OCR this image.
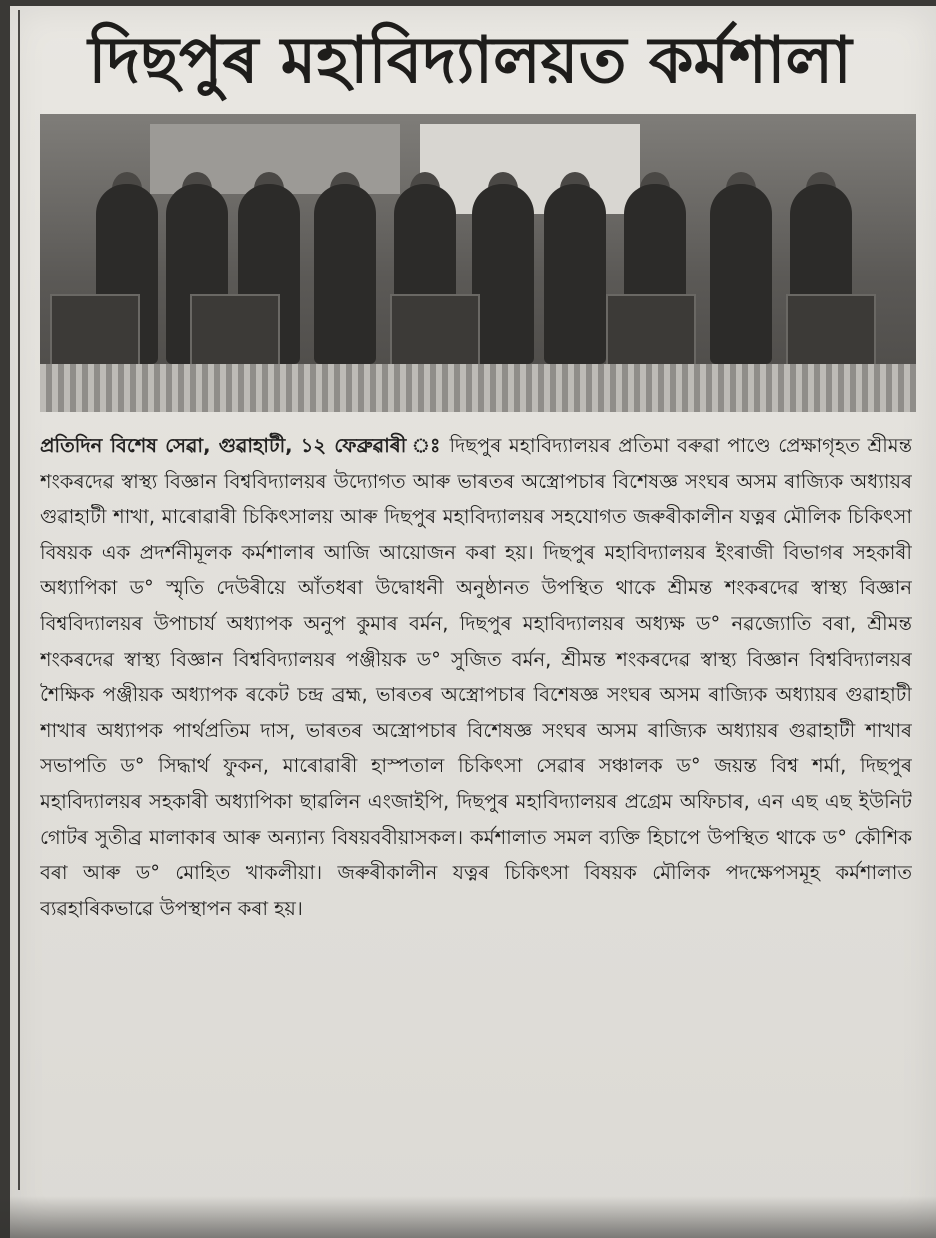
দিছপুৰ মহাবিদ্যালয়ত কৰ্মশালা
প্ৰতিদিন বিশেষ সেৱা, গুৱাহাটী, ১২ ফেব্ৰুৱাৰী ঃ দিছপুৰ মহাবিদ্যালয়ৰ প্ৰতিমা বৰুৱা পাণ্ডে প্ৰেক্ষাগৃহত শ্ৰীমন্ত শংকৰদেৱ স্বাস্থ্য বিজ্ঞান বিশ্ববিদ্যালয়ৰ উদ্যোগত আৰু ভাৰতৰ অস্ত্ৰোপচাৰ বিশেষজ্ঞ সংঘৰ অসম ৰাজ্যিক অধ্যায়ৰ গুৱাহাটী শাখা, মাৰোৱাৰী চিকিৎসালয় আৰু দিছপুৰ মহাবিদ্যালয়ৰ সহযোগত জৰুৰীকালীন যত্নৰ মৌলিক চিকিৎসা বিষয়ক এক প্ৰদৰ্শনীমূলক কৰ্মশালাৰ আজি আয়োজন কৰা হয়। দিছপুৰ মহাবিদ্যালয়ৰ ইংৰাজী বিভাগৰ সহকাৰী অধ্যাপিকা ড° স্মৃতি দেউৰীয়ে আঁতধৰা উদ্বোধনী অনুষ্ঠানত উপস্থিত থাকে শ্ৰীমন্ত শংকৰদেৱ স্বাস্থ্য বিজ্ঞান বিশ্ববিদ্যালয়ৰ উপাচাৰ্য অধ্যাপক অনুপ কুমাৰ বৰ্মন, দিছপুৰ মহাবিদ্যালয়ৰ অধ্যক্ষ ড° নৱজ্যোতি বৰা, শ্ৰীমন্ত শংকৰদেৱ স্বাস্থ্য বিজ্ঞান বিশ্ববিদ্যালয়ৰ পঞ্জীয়ক ড° সুজিত বৰ্মন, শ্ৰীমন্ত শংকৰদেৱ স্বাস্থ্য বিজ্ঞান বিশ্ববিদ্যালয়ৰ শৈক্ষিক পঞ্জীয়ক অধ্যাপক ৰকেট চন্দ্ৰ ব্ৰহ্ম, ভাৰতৰ অস্ত্ৰোপচাৰ বিশেষজ্ঞ সংঘৰ অসম ৰাজ্যিক অধ্যায়ৰ গুৱাহাটী শাখাৰ অধ্যাপক পাৰ্থপ্ৰতিম দাস, ভাৰতৰ অস্ত্ৰোপচাৰ বিশেষজ্ঞ সংঘৰ অসম ৰাজ্যিক অধ্যায়ৰ গুৱাহাটী শাখাৰ সভাপতি ড° সিদ্ধাৰ্থ ফুকন, মাৰোৱাৰী হাস্পতাল চিকিৎসা সেৱাৰ সঞ্চালক ড° জয়ন্ত বিশ্ব শৰ্মা, দিছপুৰ মহাবিদ্যালয়ৰ সহকাৰী অধ্যাপিকা ছাৱলিন এংজাইপি, দিছপুৰ মহাবিদ্যালয়ৰ প্ৰগ্ৰেম অফিচাৰ, এন এছ এছ ইউনিট গোটৰ সুতীব্ৰ মালাকাৰ আৰু অন্যান্য বিষয়ববীয়াসকল। কৰ্মশালাত সমল ব্যক্তি হিচাপে উপস্থিত থাকে ড° কৌশিক বৰা আৰু ড° মোহিত খাকলীয়া। জৰুৰীকালীন যত্নৰ চিকিৎসা বিষয়ক মৌলিক পদক্ষেপসমূহ কৰ্মশালাত ব্যৱহাৰিকভাৱে উপস্থাপন কৰা হয়।
